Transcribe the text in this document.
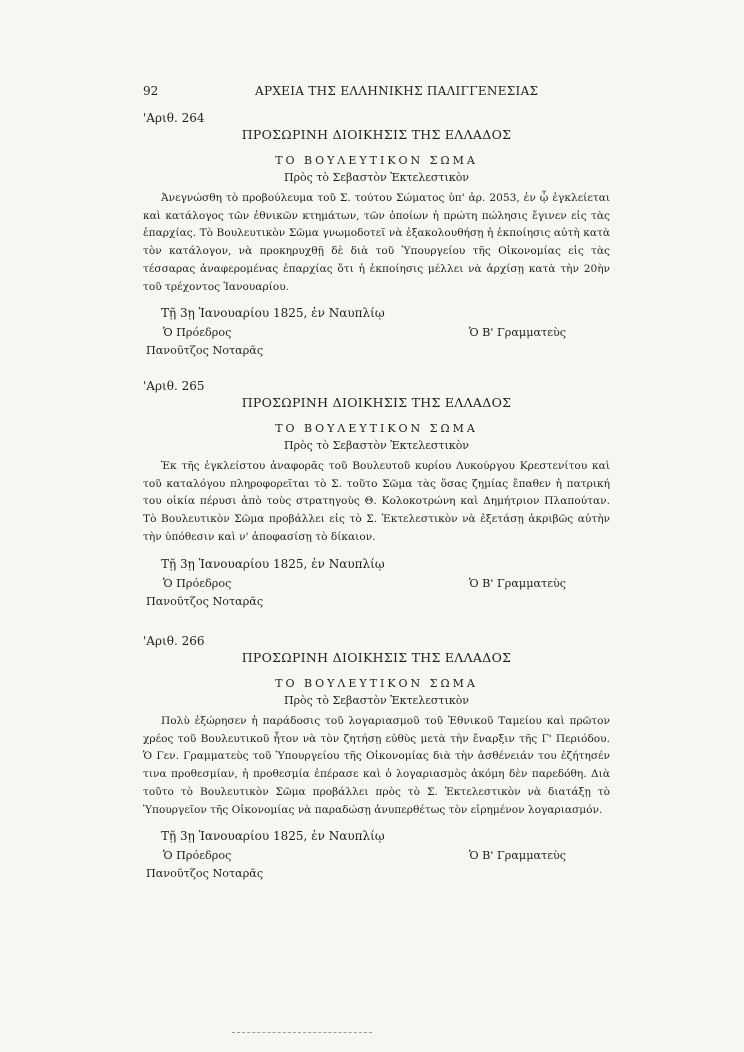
92	ΑΡΧΕΙΑ ΤΗΣ ΕΛΛΗΝΙΚΗΣ ΠΑΛΙΓΓΕΝΕΣΙΑΣ
'Αριθ. 264
ΠΡΟΣΩΡΙΝΗ ΔΙΟΙΚΗΣΙΣ ΤΗΣ ΕΛΛΑΔΟΣ
ΤΟ ΒΟΥΛΕΥΤΙΚΟΝ ΣΩΜΑ
Πρὸς τὸ Σεβαστὸν Ἐκτελεστικὸν
Ἀνεγνώσθη τὸ προβούλευμα τοῦ Σ. τούτου Σώματος ὑπ' ἀρ. 2053, ἐν ᾧ ἐγκλείεται καὶ κατάλογος τῶν ἐθνικῶν κτημάτων, τῶν ὁποίων ἡ πρώτη πώλησις ἔγινεν εἰς τὰς ἐπαρχίας. Τὸ Βουλευτικὸν Σῶμα γνωμοδοτεῖ νὰ ἐξακολουθήσῃ ἡ ἐκποίησις αὐτὴ κατὰ τὸν κατάλογον, νὰ προκηρυχθῇ δὲ διὰ τοῦ Ὑπουργείου τῆς Οἰκονομίας εἰς τὰς τέσσαρας ἀναφερομένας ἐπαρχίας ὅτι ἡ ἐκποίησις μέλλει νὰ ἀρχίσῃ κατὰ τὴν 20ὴν τοῦ τρέχοντος Ἰανουαρίου.
Τῇ 3ῃ Ἰανουαρίου 1825, ἐν Ναυπλίῳ
Ὁ Πρόεδρος
Πανοῦτζος Νοταρᾶς
Ὁ Β' Γραμματεὺς
'Αριθ. 265
ΠΡΟΣΩΡΙΝΗ ΔΙΟΙΚΗΣΙΣ ΤΗΣ ΕΛΛΑΔΟΣ
ΤΟ ΒΟΥΛΕΥΤΙΚΟΝ ΣΩΜΑ
Πρὸς τὸ Σεβαστὸν Ἐκτελεστικὸν
Ἐκ τῆς ἐγκλείστου ἀναφορᾶς τοῦ Βουλευτοῦ κυρίου Λυκούργου Κρεστενίτου καὶ τοῦ καταλόγου πληροφορεῖται τὸ Σ. τοῦτο Σῶμα τὰς ὅσας ζημίας ἔπαθεν ἡ πατρική του οἰκία πέρυσι ἀπὸ τοὺς στρατηγοὺς Θ. Κολοκοτρώνη καὶ Δημήτριον Πλαπούταν. Τὸ Βουλευτικὸν Σῶμα προβάλλει εἰς τὸ Σ. Ἐκτελεστικὸν νὰ ἐξετάσῃ ἀκριβῶς αὐτὴν τὴν ὑπόθεσιν καὶ ν' ἀποφασίσῃ τὸ δίκαιον.
Τῇ 3ῃ Ἰανουαρίου 1825, ἐν Ναυπλίῳ
Ὁ Πρόεδρος
Πανοῦτζος Νοταρᾶς
Ὁ Β' Γραμματεὺς
'Αριθ. 266
ΠΡΟΣΩΡΙΝΗ ΔΙΟΙΚΗΣΙΣ ΤΗΣ ΕΛΛΑΔΟΣ
ΤΟ ΒΟΥΛΕΥΤΙΚΟΝ ΣΩΜΑ
Πρὸς τὸ Σεβαστὸν Ἐκτελεστικὸν
Πολὺ ἐξώρησεν ἡ παράδοσις τοῦ λογαριασμοῦ τοῦ Ἐθνικοῦ Ταμείου καὶ πρῶτον χρέος τοῦ Βουλευτικοῦ ἦτον νὰ τὸν ζητήσῃ εὐθὺς μετὰ τὴν ἔναρξιν τῆς Γ' Περιόδου. Ὁ Γεν. Γραμματεὺς τοῦ Ὑπουργείου τῆς Οἰκονομίας διὰ τὴν ἀσθένειάν του ἐζήτησέν τινα προθεσμίαν, ἡ προθεσμία ἐπέρασε καὶ ὁ λογαριασμὸς ἀκόμη δὲν παρεδόθη. Διὰ τοῦτο τὸ Βουλευτικὸν Σῶμα προβάλλει πρὸς τὸ Σ. Ἐκτελεστικὸν νὰ διατάξῃ τὸ Ὑπουργεῖον τῆς Οἰκονομίας νὰ παραδώσῃ ἀνυπερθέτως τὸν εἰρημένον λογαριασμόν.
Τῇ 3ῃ Ἰανουαρίου 1825, ἐν Ναυπλίῳ
Ὁ Πρόεδρος
Πανοῦτζος Νοταρᾶς
Ὁ Β' Γραμματεὺς
